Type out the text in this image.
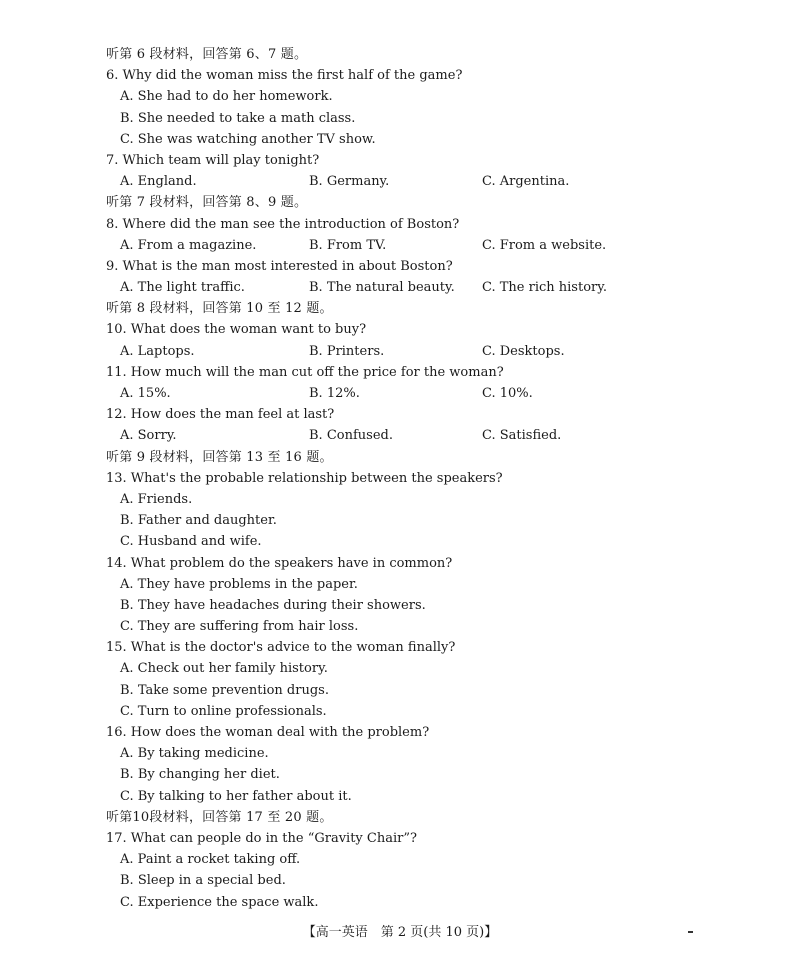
听第 6 段材料，回答第 6、7 题。
6. Why did the woman miss the first half of the game?
A. She had to do her homework.
B. She needed to take a math class.
C. She was watching another TV show.
7. Which team will play tonight?
A. England.	B. Germany.	C. Argentina.
听第 7 段材料，回答第 8、9 题。
8. Where did the man see the introduction of Boston?
A. From a magazine.	B. From TV.	C. From a website.
9. What is the man most interested in about Boston?
A. The light traffic.	B. The natural beauty. C. The rich history.
听第 8 段材料，回答第 10 至 12 题。
10. What does the woman want to buy?
A. Laptops.	B. Printers.	C. Desktops.
11. How much will the man cut off the price for the woman?
A. 15%.	B. 12%.	C. 10%.
12. How does the man feel at last?
A. Sorry.	B. Confused.	C. Satisfied.
听第 9 段材料，回答第 13 至 16 题。
13. What's the probable relationship between the speakers?
A. Friends.
B. Father and daughter.
C. Husband and wife.
14. What problem do the speakers have in common?
A. They have problems in the paper.
B. They have headaches during their showers.
C. They are suffering from hair loss.
15. What is the doctor's advice to the woman finally?
A. Check out her family history.
B. Take some prevention drugs.
C. Turn to online professionals.
16. How does the woman deal with the problem?
A. By taking medicine.
B. By changing her diet.
C. By talking to her father about it.
听第10段材料，回答第 17 至 20 题。
17. What can people do in the “Gravity Chair”?
A. Paint a rocket taking off.
B. Sleep in a special bed.
C. Experience the space walk.
【高一英语　第 2 页(共 10 页)】
